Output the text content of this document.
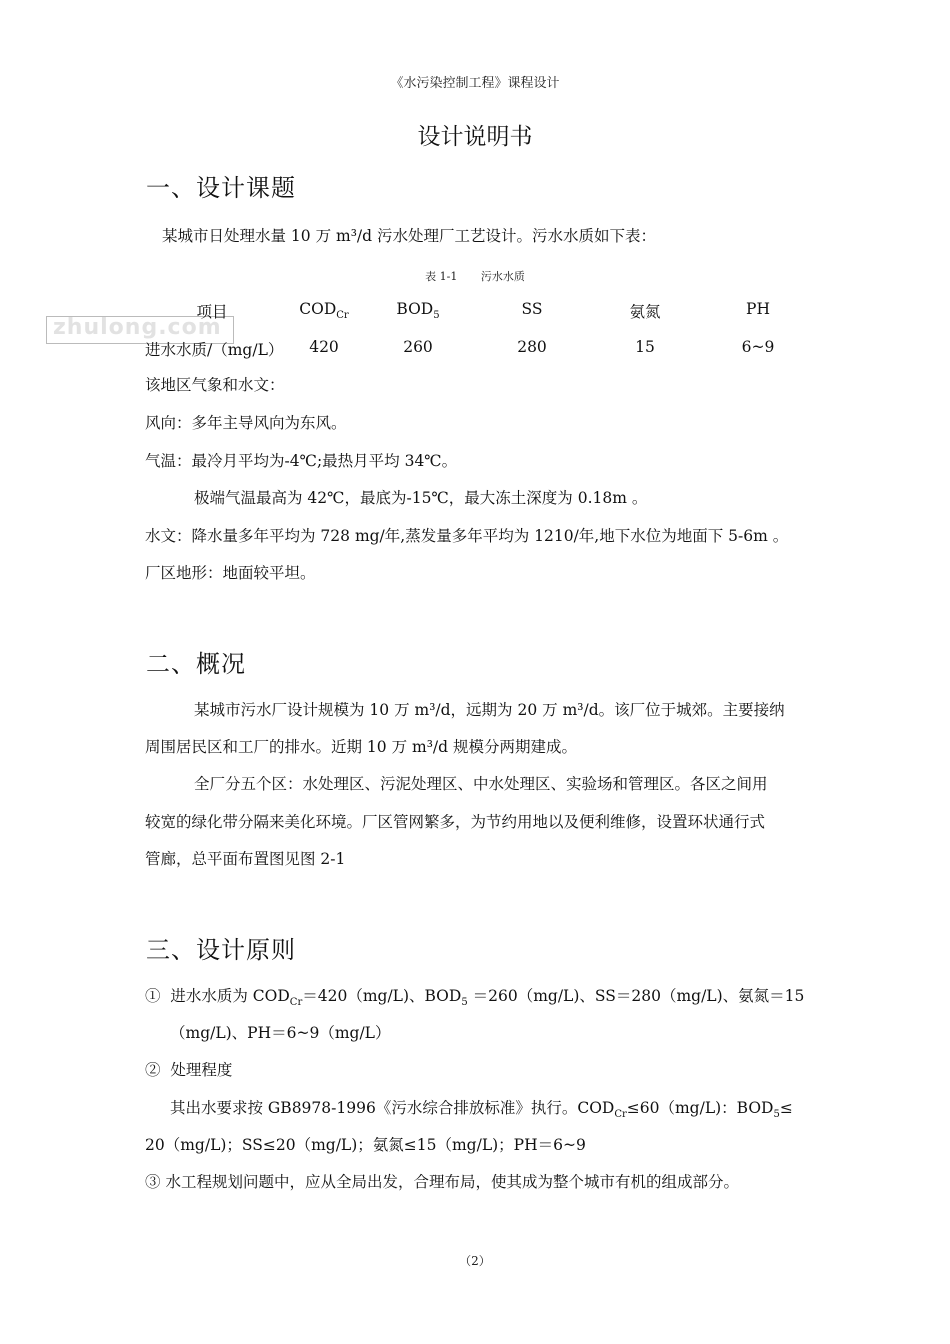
《水污染控制工程》课程设计
设计说明书
一、设计课题
某城市日处理水量 10 万 m³/d 污水处理厂工艺设计。污水水质如下表：
表 1-1 污水水质
zhulong.com
项目	$COD_{Cr}$	$BOD_5$	SS	氨氮	PH
进水水质/（mg/L） 420	260	280	15	6~9
该地区气象和水文：
风向：多年主导风向为东风。
气温：最冷月平均为-4℃;最热月平均 34℃。
极端气温最高为 42℃，最底为-15℃，最大冻土深度为 0.18m 。
水文：降水量多年平均为 728 mg/年,蒸发量多年平均为 1210/年,地下水位为地面下 5-6m 。
厂区地形：地面较平坦。
二、概况
某城市污水厂设计规模为 10 万 m³/d，远期为 20 万 m³/d。该厂位于城郊。主要接纳
周围居民区和工厂的排水。近期 10 万 m³/d 规模分两期建成。
全厂分五个区：水处理区、污泥处理区、中水处理区、实验场和管理区。各区之间用
较宽的绿化带分隔来美化环境。厂区管网繁多，为节约用地以及便利维修，设置环状通行式
管廊，总平面布置图见图 2-1
三、设计原则
① 进水水质为 $COD_{Cr}=420(mg/L)$、$BOD_5 =260(mg/L)$、SS＝280（mg/L)、氨氮＝15
（mg/L)、PH＝6~9（mg/L）
② 处理程度
其出水要求按 GB8978-1996《污水综合排放标准》执行。$COD_{Cr}\le 60(mg/L)$：$BOD_5\le$
20（mg/L)；SS≤20（mg/L)；氨氮≤15（mg/L)；PH＝6~9
③ 水工程规划问题中，应从全局出发，合理布局，使其成为整个城市有机的组成部分。
（2）
